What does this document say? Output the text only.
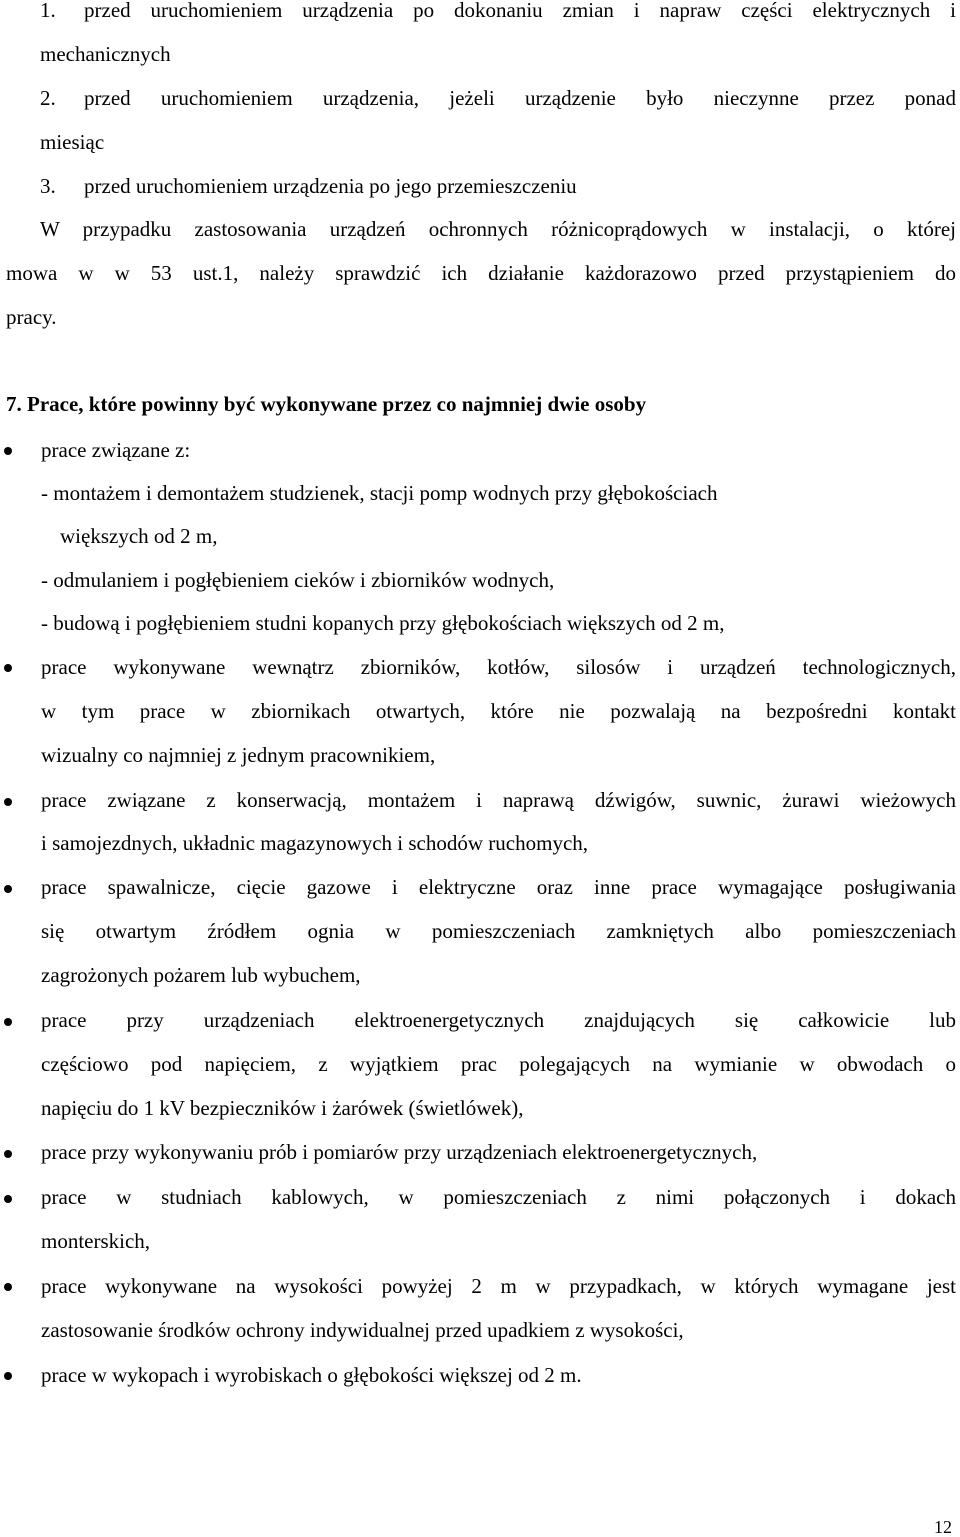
1. przed uruchomieniem urządzenia po dokonaniu zmian i napraw części elektrycznych i
mechanicznych
2. przed uruchomieniem urządzenia, jeżeli urządzenie było nieczynne przez ponad
miesiąc
3. przed uruchomieniem urządzenia po jego przemieszczeniu
W przypadku zastosowania urządzeń ochronnych różnicoprądowych w instalacji, o której
mowa w w 53 ust.1, należy sprawdzić ich działanie każdorazowo przed przystąpieniem do
pracy.
7. Prace, które powinny być wykonywane przez co najmniej dwie osoby
prace związane z:
- montażem i demontażem studzienek, stacji pomp wodnych przy głębokościach
większych od 2 m,
- odmulaniem i pogłębieniem cieków i zbiorników wodnych,
- budową i pogłębieniem studni kopanych przy głębokościach większych od 2 m,
prace wykonywane wewnątrz zbiorników, kotłów, silosów i urządzeń technologicznych,
w tym prace w zbiornikach otwartych, które nie pozwalają na bezpośredni kontakt
wizualny co najmniej z jednym pracownikiem,
prace związane z konserwacją, montażem i naprawą dźwigów, suwnic, żurawi wieżowych
i samojezdnych, układnic magazynowych i schodów ruchomych,
prace spawalnicze, cięcie gazowe i elektryczne oraz inne prace wymagające posługiwania
się otwartym źródłem ognia w pomieszczeniach zamkniętych albo pomieszczeniach
zagrożonych pożarem lub wybuchem,
prace przy urządzeniach elektroenergetycznych znajdujących się całkowicie lub
częściowo pod napięciem, z wyjątkiem prac polegających na wymianie w obwodach o
napięciu do 1 kV bezpieczników i żarówek (świetlówek),
prace przy wykonywaniu prób i pomiarów przy urządzeniach elektroenergetycznych,
prace w studniach kablowych, w pomieszczeniach z nimi połączonych i dokach
monterskich,
prace wykonywane na wysokości powyżej 2 m w przypadkach, w których wymagane jest
zastosowanie środków ochrony indywidualnej przed upadkiem z wysokości,
prace w wykopach i wyrobiskach o głębokości większej od 2 m.
12
